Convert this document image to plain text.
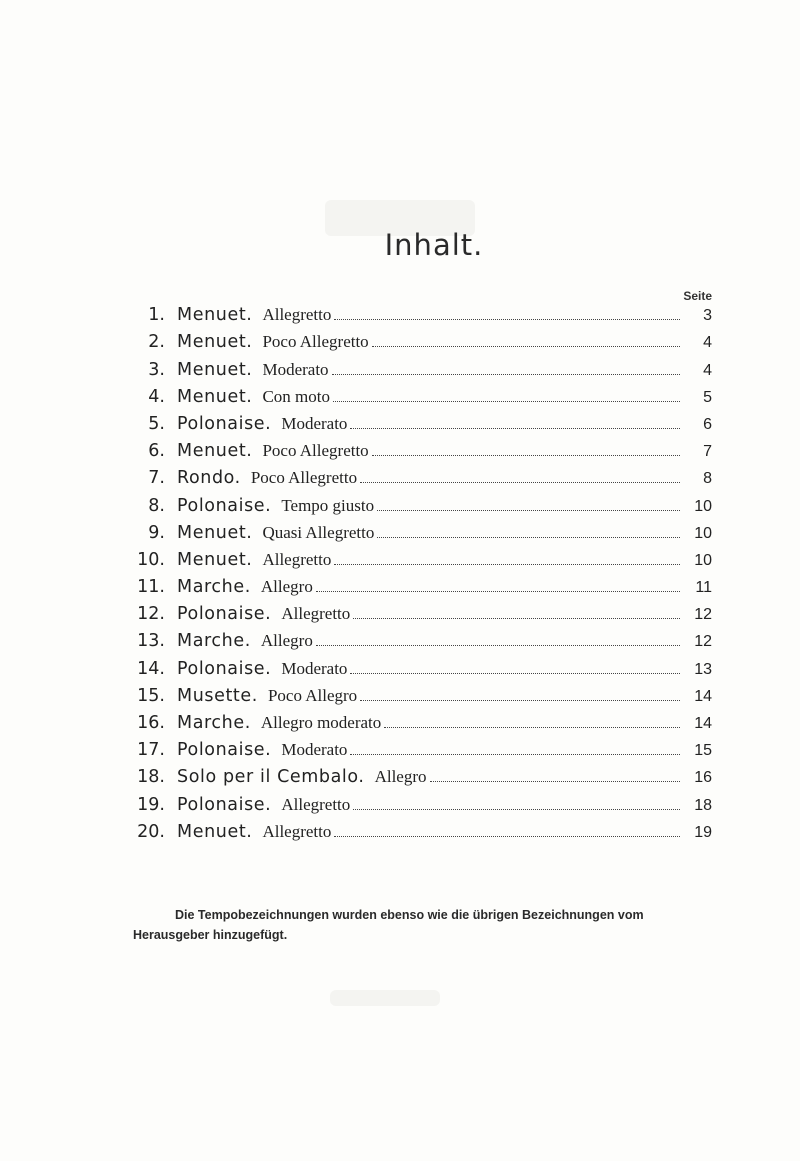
Inhalt.
Seite
1. Menuet. Allegretto	3
2. Menuet. Poco Allegretto	4
3. Menuet. Moderato	4
4. Menuet. Con moto	5
5. Polonaise. Moderato	6
6. Menuet. Poco Allegretto	7
7. Rondo. Poco Allegretto	8
8. Polonaise. Tempo giusto	10
9. Menuet. Quasi Allegretto	10
10. Menuet. Allegretto	10
11. Marche. Allegro	11
12. Polonaise. Allegretto	12
13. Marche. Allegro	12
14. Polonaise. Moderato	13
15. Musette. Poco Allegro	14
16. Marche. Allegro moderato	14
17. Polonaise. Moderato	15
18. Solo per il Cembalo. Allegro	16
19. Polonaise. Allegretto	18
20. Menuet. Allegretto	19
Die Tempobezeichnungen wurden ebenso wie die übrigen Bezeichnungen vom Herausgeber hinzugefügt.
